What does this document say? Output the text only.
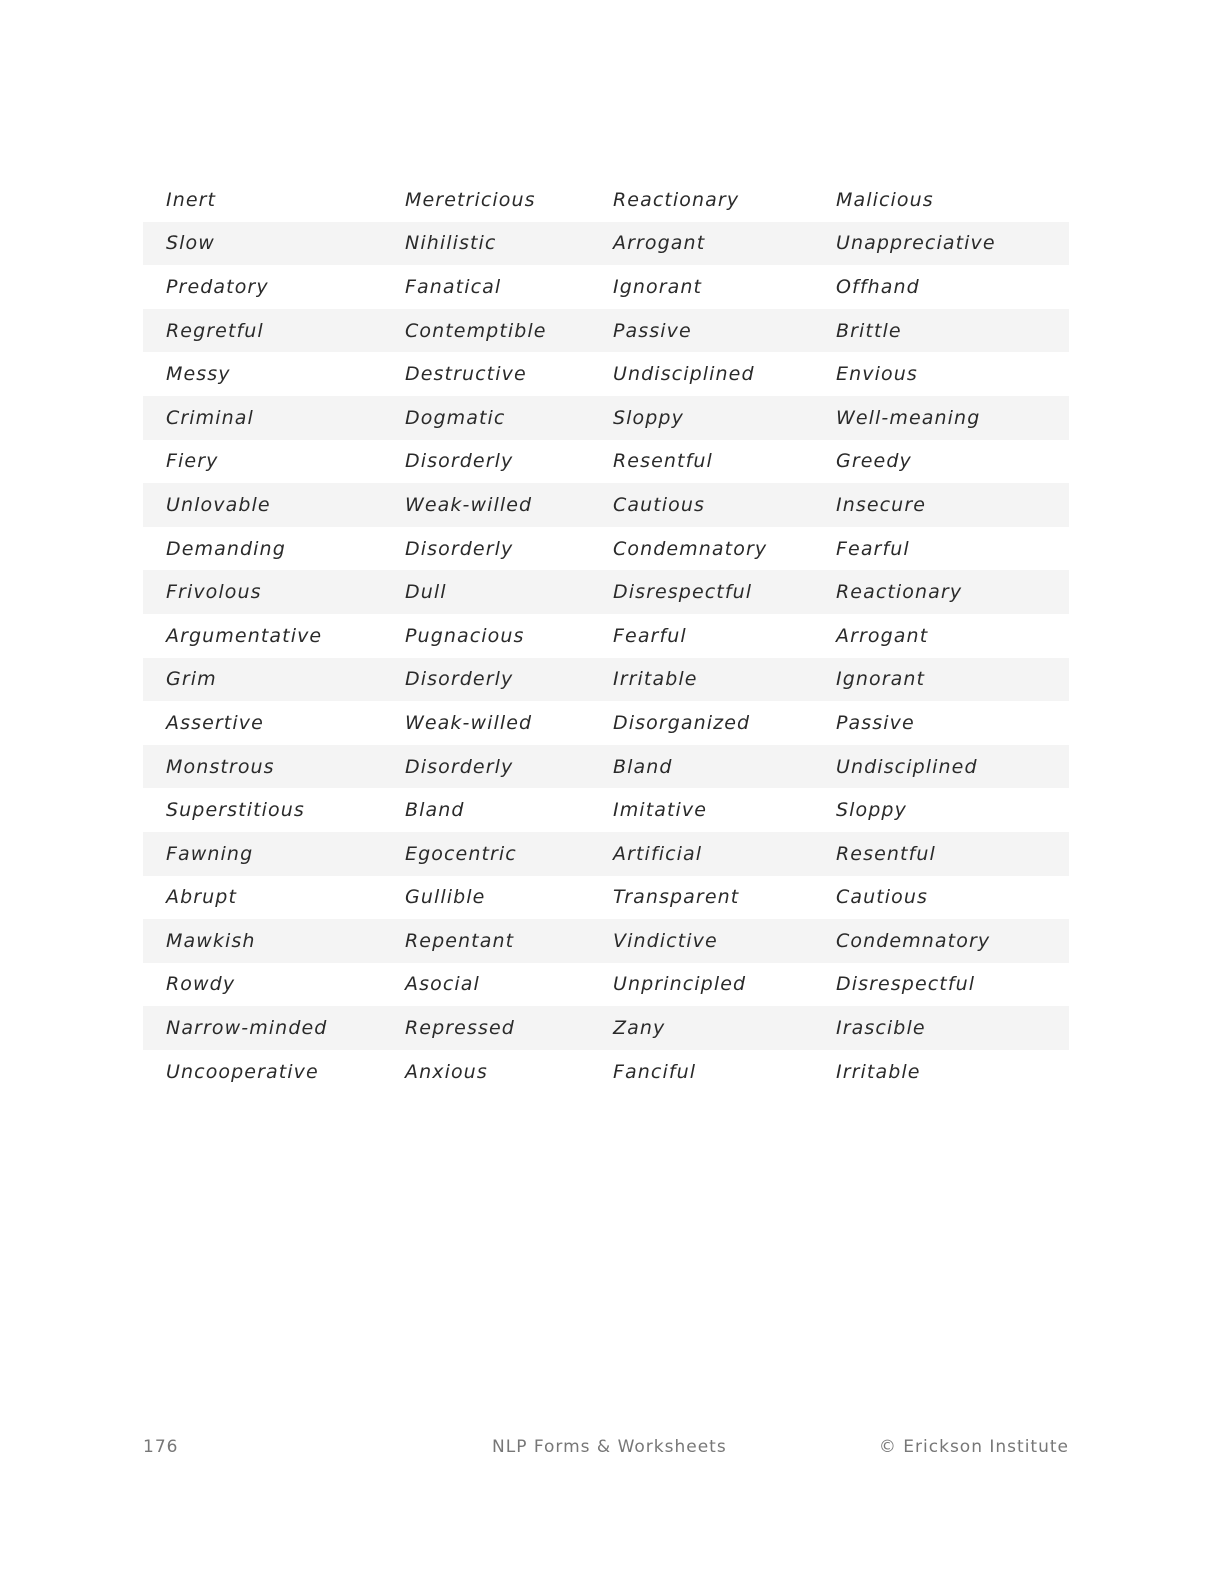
Inert	Meretricious	Reactionary	Malicious
Slow	Nihilistic	Arrogant	Unappreciative
Predatory	Fanatical	Ignorant	Offhand
Regretful	Contemptible	Passive	Brittle
Messy	Destructive	Undisciplined	Envious
Criminal	Dogmatic	Sloppy	Well-meaning
Fiery	Disorderly	Resentful	Greedy
Unlovable	Weak-willed	Cautious	Insecure
Demanding	Disorderly	Condemnatory	Fearful
Frivolous	Dull	Disrespectful	Reactionary
Argumentative	Pugnacious	Fearful	Arrogant
Grim	Disorderly	Irritable	Ignorant
Assertive	Weak-willed	Disorganized	Passive
Monstrous	Disorderly	Bland	Undisciplined
Superstitious	Bland	Imitative	Sloppy
Fawning	Egocentric	Artificial	Resentful
Abrupt	Gullible	Transparent	Cautious
Mawkish	Repentant	Vindictive	Condemnatory
Rowdy	Asocial	Unprincipled	Disrespectful
Narrow-minded	Repressed	Zany	Irascible
Uncooperative	Anxious	Fanciful	Irritable
176	NLP Forms & Worksheets	© Erickson Institute
